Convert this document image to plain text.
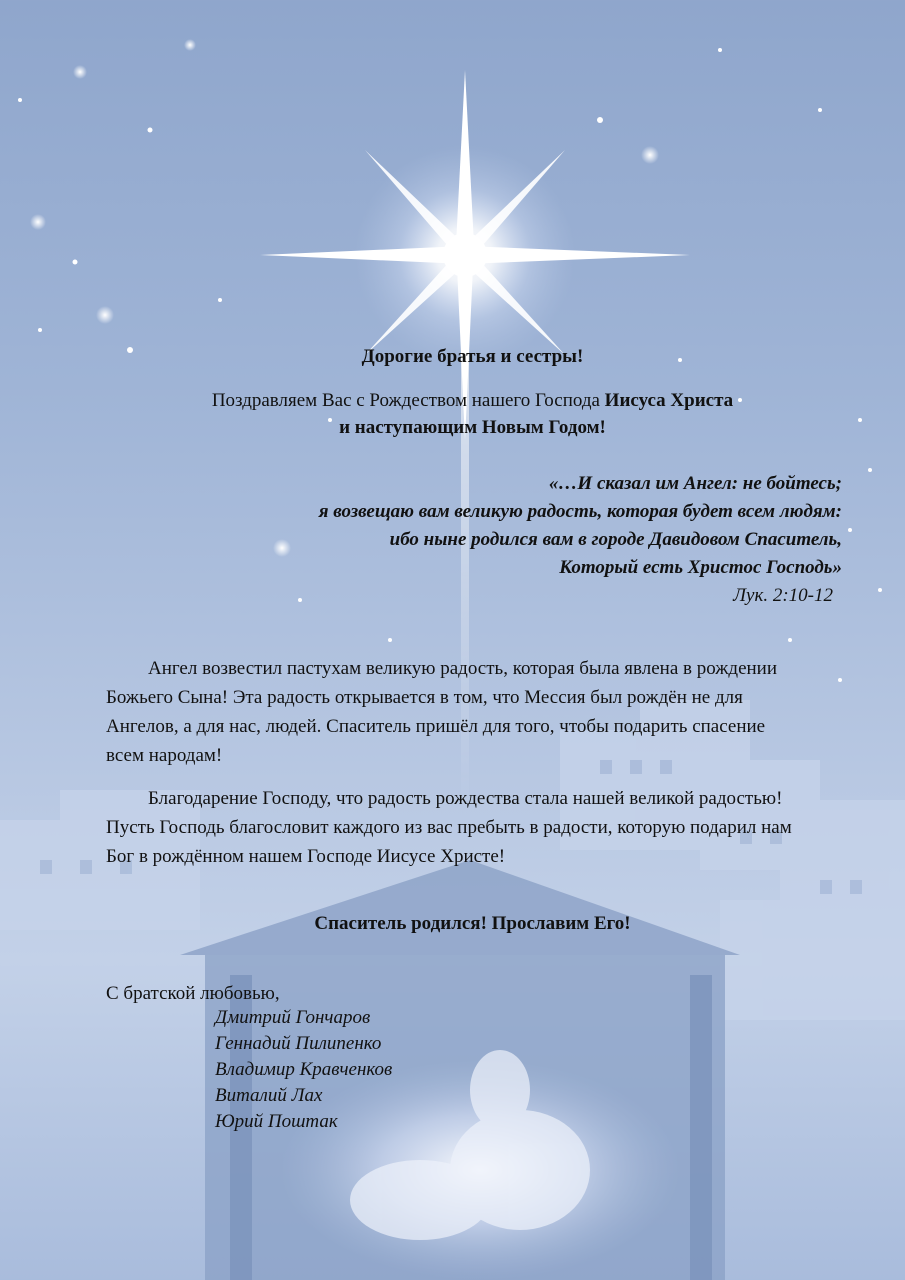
Дорогие братья и сестры!
Поздравляем Вас с Рождеством нашего Господа Иисуса Христа
и наступающим Новым Годом!
«…И сказал им Ангел: не бойтесь;
я возвещаю вам великую радость, которая будет всем людям:
ибо ныне родился вам в городе Давидовом Спаситель,
Который есть Христос Господь»
Лук. 2:10-12
Ангел возвестил пастухам великую радость, которая была явлена в рождении Божьего Сына! Эта радость открывается в том, что Мессия был рождён не для Ангелов, а для нас, людей. Спаситель пришёл для того, чтобы подарить спасение всем народам!
Благодарение Господу, что радость рождества стала нашей великой радостью! Пусть Господь благословит каждого из вас пребыть в радости, которую подарил нам Бог в рождённом нашем Господе Иисусе Христе!
Спаситель родился! Прославим Его!
С братской любовью,
Дмитрий Гончаров
Геннадий Пилипенко
Владимир Кравченков
Виталий Лах
Юрий Поштак
